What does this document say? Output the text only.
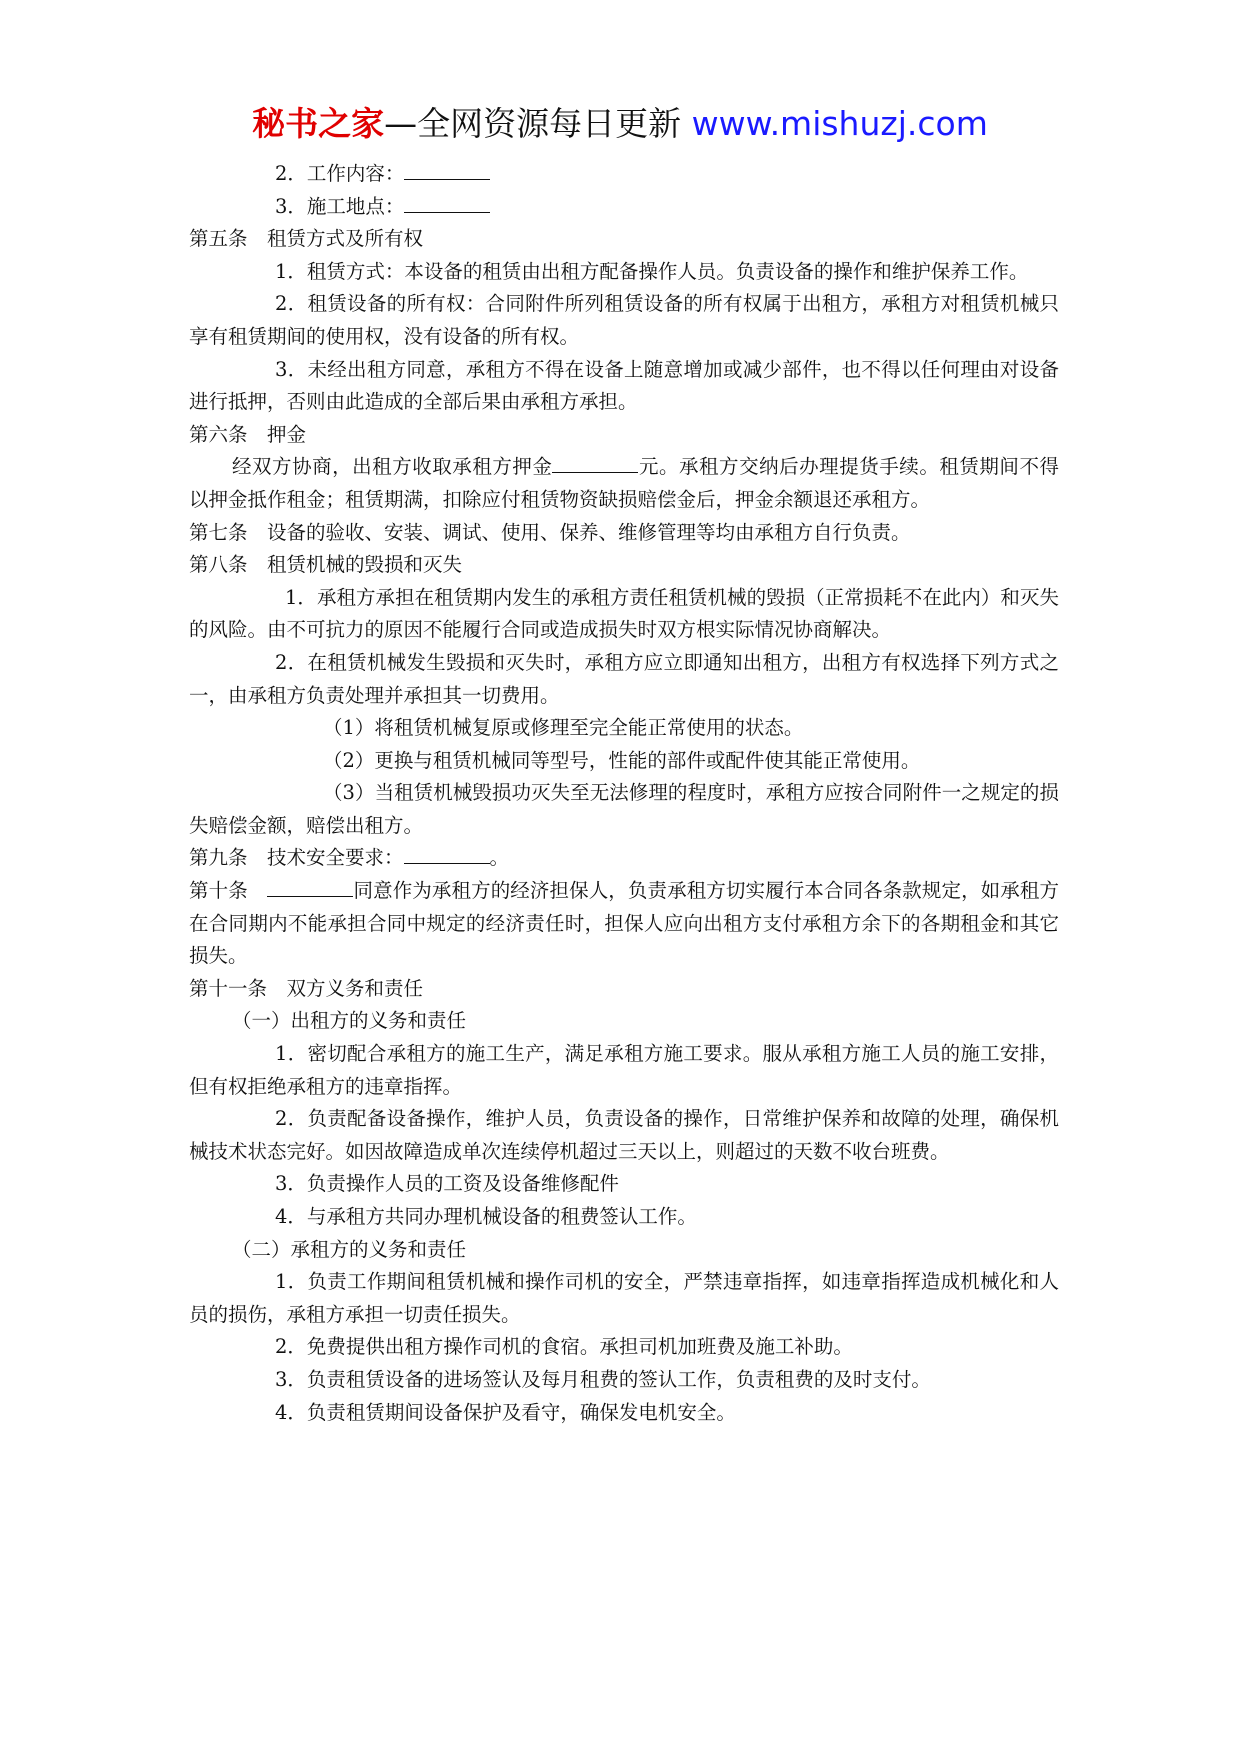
秘书之家—全网资源每日更新 www.mishuzj.com

2．工作内容：

3．施工地点：

第五条　租赁方式及所有权

1．租赁方式：本设备的租赁由出租方配备操作人员。负责设备的操作和维护保养工作。

2．租赁设备的所有权：合同附件所列租赁设备的所有权属于出租方，承租方对租赁机械只享有租赁期间的使用权，没有设备的所有权。

3．未经出租方同意，承租方不得在设备上随意增加或减少部件，也不得以任何理由对设备进行抵押，否则由此造成的全部后果由承租方承担。

第六条　押金

经双方协商，出租方收取承租方押金	元。承租方交纳后办理提货手续。租赁期间不得以押金抵作租金；租赁期满，扣除应付租赁物资缺损赔偿金后，押金余额退还承租方。

第七条　设备的验收、安装、调试、使用、保养、维修管理等均由承租方自行负责。

第八条　租赁机械的毁损和灭失

1．承租方承担在租赁期内发生的承租方责任租赁机械的毁损（正常损耗不在此内）和灭失的风险。由不可抗力的原因不能履行合同或造成损失时双方根实际情况协商解决。

2．在租赁机械发生毁损和灭失时，承租方应立即通知出租方，出租方有权选择下列方式之一，由承租方负责处理并承担其一切费用。

（1）将租赁机械复原或修理至完全能正常使用的状态。

（2）更换与租赁机械同等型号，性能的部件或配件使其能正常使用。

（3）当租赁机械毁损功灭失至无法修理的程度时，承租方应按合同附件一之规定的损失赔偿金额，赔偿出租方。

第九条　技术安全要求：	。

第十条　	同意作为承租方的经济担保人，负责承租方切实履行本合同各条款规定，如承租方在合同期内不能承担合同中规定的经济责任时，担保人应向出租方支付承租方余下的各期租金和其它损失。

第十一条　双方义务和责任

（一）出租方的义务和责任

1．密切配合承租方的施工生产，满足承租方施工要求。服从承租方施工人员的施工安排，但有权拒绝承租方的违章指挥。

2．负责配备设备操作，维护人员，负责设备的操作，日常维护保养和故障的处理，确保机械技术状态完好。如因故障造成单次连续停机超过三天以上，则超过的天数不收台班费。

3．负责操作人员的工资及设备维修配件

4．与承租方共同办理机械设备的租费签认工作。

（二）承租方的义务和责任

1．负责工作期间租赁机械和操作司机的安全，严禁违章指挥，如违章指挥造成机械化和人员的损伤，承租方承担一切责任损失。

2．免费提供出租方操作司机的食宿。承担司机加班费及施工补助。

3．负责租赁设备的进场签认及每月租费的签认工作，负责租费的及时支付。

4．负责租赁期间设备保护及看守，确保发电机安全。
